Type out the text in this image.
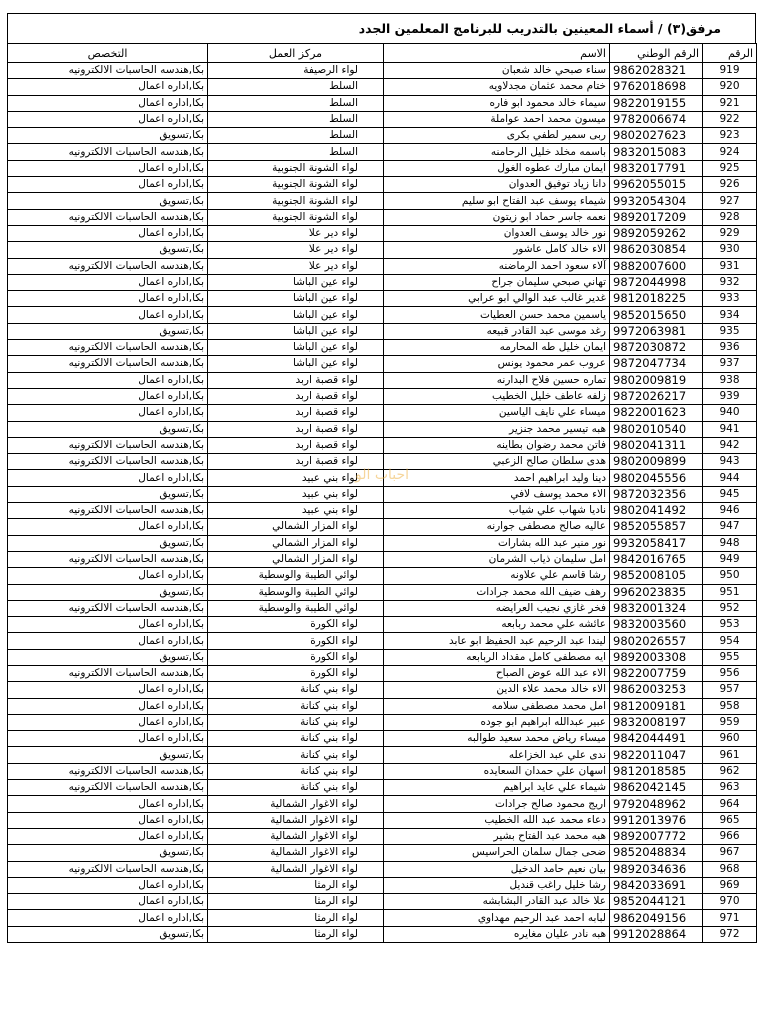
مرفق(٣) / أسماء المعينين بالتدريب للبرنامج المعلمين الجدد
الرقم	الرقم الوطني	الاسم	مركز العمل	التخصص
919	9862028321	سناء صبحي خالد شعبان	لواء الرصيفة	بكا,هندسه الحاسبات الالكترونيه
920	9762018698	ختام محمد عثمان مجدلاويه	السلط	بكا,اداره اعمال
921	9822019155	سيماء خالد محمود ابو فاره	السلط	بكا,اداره اعمال
922	9782006674	ميسون محمد احمد عواملة	السلط	بكا,اداره اعمال
923	9802027623	ربى سمير لطفي بكرى	السلط	بكا,تسويق
924	9832015083	باسمه مخلد خليل الرحامنه	السلط	بكا,هندسه الحاسبات الالكترونيه
925	9832017791	ايمان مبارك عطوه الغول	لواء الشونة الجنوبية	بكا,اداره اعمال
926	9962055015	دانا زياد توفيق العدوان	لواء الشونة الجنوبية	بكا,اداره اعمال
927	9932054304	شيماء يوسف عبد الفتاح ابو سليم	لواء الشونة الجنوبية	بكا,تسويق
928	9892017209	نعمه جاسر حماد ابو زيتون	لواء الشونة الجنوبية	بكا,هندسه الحاسبات الالكترونيه
929	9892059262	نور خالد يوسف العدوان	لواء دير علا	بكا,اداره اعمال
930	9862030854	الاء خالد كامل عاشور	لواء دير علا	بكا,تسويق
931	9882007600	آلاء سعود احمد الرماضنه	لواء دير علا	بكا,هندسه الحاسبات الالكترونيه
932	9872044998	تهاني صبحي سليمان جراح	لواء عين الباشا	بكا,اداره اعمال
933	9812018225	غدير غالب عبد الوالي ابو عرابي	لواء عين الباشا	بكا,اداره اعمال
934	9852015650	ياسمين محمد حسن العطيات	لواء عين الباشا	بكا,اداره اعمال
935	9972063981	رغد موسى عبد القادر قبيعه	لواء عين الباشا	بكا,تسويق
936	9872030872	ايمان خليل طه المحارمه	لواء عين الباشا	بكا,هندسه الحاسبات الالكترونيه
937	9872047734	عروب عمر محمود يونس	لواء عين الباشا	بكا,هندسه الحاسبات الالكترونيه
938	9802009819	تماره حسين فلاح البدارنه	لواء قصبة اربد	بكا,اداره اعمال
939	9872026217	زلفه عاطف خليل الخطيب	لواء قصبة اربد	بكا,اداره اعمال
940	9822001623	ميساء علي نايف الياسين	لواء قصبة اربد	بكا,اداره اعمال
941	9802010540	هبه تيسير محمد جنزير	لواء قصبة اربد	بكا,تسويق
942	9802041311	فاتن محمد رضوان بطاينه	لواء قصبة اربد	بكا,هندسه الحاسبات الالكترونيه
943	9802009899	هدى سلطان صالح الزعبي	لواء قصبة اربد	بكا,هندسه الحاسبات الالكترونيه
944	9802045556	دينا وليد ابراهيم احمد	لواء بني عبيد	بكا,اداره اعمال
945	9872032356	الاء محمد يوسف لافي	لواء بني عبيد	بكا,تسويق
946	9802041492	ناديا شهاب علي شياب	لواء بني عبيد	بكا,هندسه الحاسبات الالكترونيه
947	9852055857	عاليه صالح مصطفى جوارنه	لواء المزار الشمالي	بكا,اداره اعمال
948	9932058417	نور منير عبد الله بشارات	لواء المزار الشمالي	بكا,تسويق
949	9842016765	امل سليمان ذياب الشرمان	لواء المزار الشمالي	بكا,هندسه الحاسبات الالكترونيه
950	9852008105	رشا قاسم علي علاونه	لوائي الطيبة والوسطية	بكا,اداره اعمال
951	9962023835	رهف ضيف الله محمد جرادات	لوائي الطيبة والوسطية	بكا,تسويق
952	9832001324	فخر غازي نجيب العرايضه	لوائي الطيبة والوسطية	بكا,هندسه الحاسبات الالكترونيه
953	9832003560	عائشه علي محمد ربابعه	لواء الكورة	بكا,اداره اعمال
954	9802026557	ليندا عبد الرحيم عبد الحفيظ ابو عابد	لواء الكورة	بكا,اداره اعمال
955	9892003308	ايه مصطفى كامل مقداد الربابعه	لواء الكورة	بكا,تسويق
956	9822007759	الاء عبد الله عوض الصباح	لواء الكورة	بكا,هندسه الحاسبات الالكترونيه
957	9862003253	الاء خالد محمد علاء الدين	لواء بني كنانة	بكا,اداره اعمال
958	9812009181	امل محمد مصطفى سلامه	لواء بني كنانة	بكا,اداره اعمال
959	9832008197	عبير عبدالله ابراهيم ابو جوده	لواء بني كنانة	بكا,اداره اعمال
960	9842044491	ميساء رياض محمد سعيد طوالبه	لواء بني كنانة	بكا,اداره اعمال
961	9822011047	ندى علي عبد الخزاعله	لواء بني كنانة	بكا,تسويق
962	9812018585	اسهان علي حمدان السعايده	لواء بني كنانة	بكا,هندسه الحاسبات الالكترونيه
963	9862042145	شيماء علي عايد ابراهيم	لواء بني كنانة	بكا,هندسه الحاسبات الالكترونيه
964	9792048962	اريج محمود صالح جرادات	لواء الاغوار الشمالية	بكا,اداره اعمال
965	9912013976	دعاء محمد عبد الله الخطيب	لواء الاغوار الشمالية	بكا,اداره اعمال
966	9892007772	هبه محمد عبد الفتاح بشير	لواء الاغوار الشمالية	بكا,اداره اعمال
967	9852048834	ضحى جمال سلمان الحراسيس	لواء الاغوار الشمالية	بكا,تسويق
968	9892034636	بيان نعيم حامد الدخيل	لواء الاغوار الشمالية	بكا,هندسه الحاسبات الالكترونيه
969	9842033691	رشا خليل راغب قنديل	لواء الرمثا	بكا,اداره اعمال
970	9852044121	علا خالد عبد القادر البشابشه	لواء الرمثا	بكا,اداره اعمال
971	9862049156	لبابه احمد عبد الرحيم مهداوي	لواء الرمثا	بكا,اداره اعمال
972	9912028864	هبه نادر عليان مغايره	لواء الرمثا	بكا,تسويق
احباب الو
